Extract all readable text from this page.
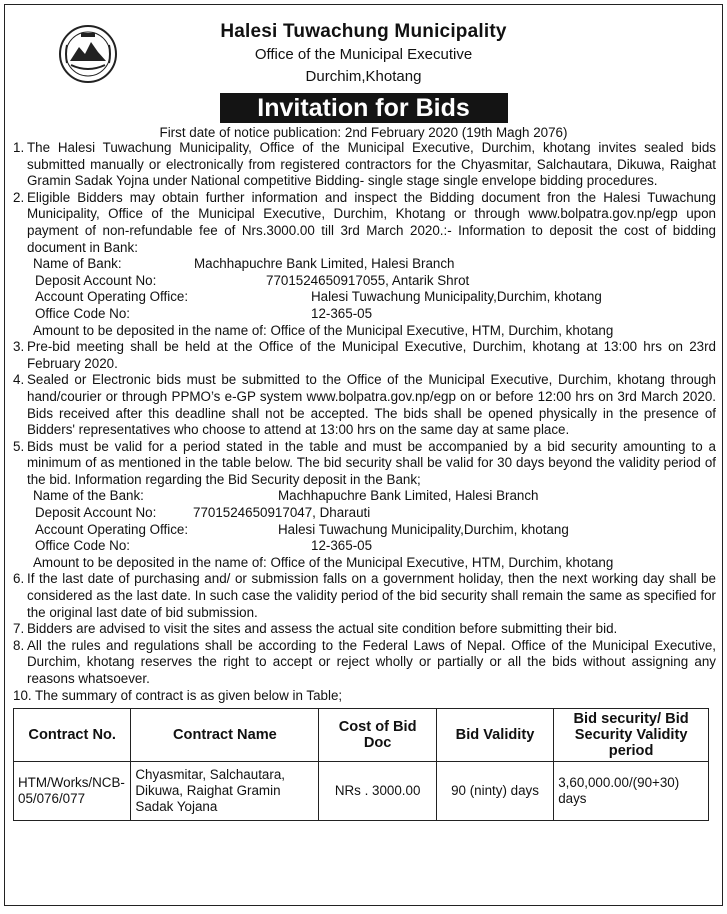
Halesi Tuwachung Municipality
Office of the Municipal Executive
Durchim,Khotang
Invitation for Bids
First date of notice publication: 2nd February 2020 (19th Magh 2076)
1. The Halesi Tuwachung Municipality, Office of the Municipal Executive, Durchim, khotang invites sealed bids submitted manually or electronically from registered contractors for the Chyasmitar, Salchautara, Dikuwa, Raighat Gramin Sadak Yojna under National competitive Bidding- single stage single envelope bidding procedures.
2. Eligible Bidders may obtain further information and inspect the Bidding document fron the Halesi Tuwachung Municipality, Office of the Municipal Executive, Durchim, Khotang or through www.bolpatra.gov.np/egp upon payment of non-refundable fee of Nrs.3000.00 till 3rd March 2020.:- Information to deposit the cost of bidding document in Bank:
Name of Bank:	Machhapuchre Bank Limited, Halesi Branch
Deposit Account No:	7701524650917055, Antarik Shrot
Account Operating Office:	Halesi Tuwachung Municipality,Durchim, khotang
Office Code No:	12-365-05
Amount to be deposited in the name of: Office of the Municipal Executive, HTM, Durchim, khotang
3. Pre-bid meeting shall be held at the Office of the Municipal Executive, Durchim, khotang at 13:00 hrs on 23rd February 2020.
4. Sealed or Electronic bids must be submitted to the Office of the Municipal Executive, Durchim, khotang through hand/courier or through PPMO’s e-GP system www.bolpatra.gov.np/egp on or before 12:00 hrs on 3rd March 2020. Bids received after this deadline shall not be accepted. The bids shall be opened physically in the presence of Bidders' representatives who choose to attend at 13:00 hrs on the same day at same place.
5. Bids must be valid for a period stated in the table and must be accompanied by a bid security amounting to a minimum of as mentioned in the table below. The bid security shall be valid for 30 days beyond the validity period of the bid. Information regarding the Bid Security deposit in the Bank;
Name of the Bank:	Machhapuchre Bank Limited, Halesi Branch
Deposit Account No:	7701524650917047, Dharauti
Account Operating Office:	Halesi Tuwachung Municipality,Durchim, khotang
Office Code No:	12-365-05
Amount to be deposited in the name of: Office of the Municipal Executive, HTM, Durchim, khotang
6. If the last date of purchasing and/ or submission falls on a government holiday, then the next working day shall be considered as the last date. In such case the validity period of the bid security shall remain the same as specified for the original last date of bid submission.
7. Bidders are advised to visit the sites and assess the actual site condition before submitting their bid.
8. All the rules and regulations shall be according to the Federal Laws of Nepal. Office of the Municipal Executive, Durchim, khotang reserves the right to accept or reject wholly or partially or all the bids without assigning any reasons whatsoever.
10. The summary of contract is as given below in Table;
Contract No.	Contract Name	Cost of Bid Doc	Bid Validity	Bid security/ Bid Security Validity period
HTM/Works/NCB-05/076/077	Chyasmitar, Salchautara, Dikuwa, Raighat Gramin Sadak Yojana	NRs . 3000.00	90 (ninty) days	3,60,000.00/(90+30) days
